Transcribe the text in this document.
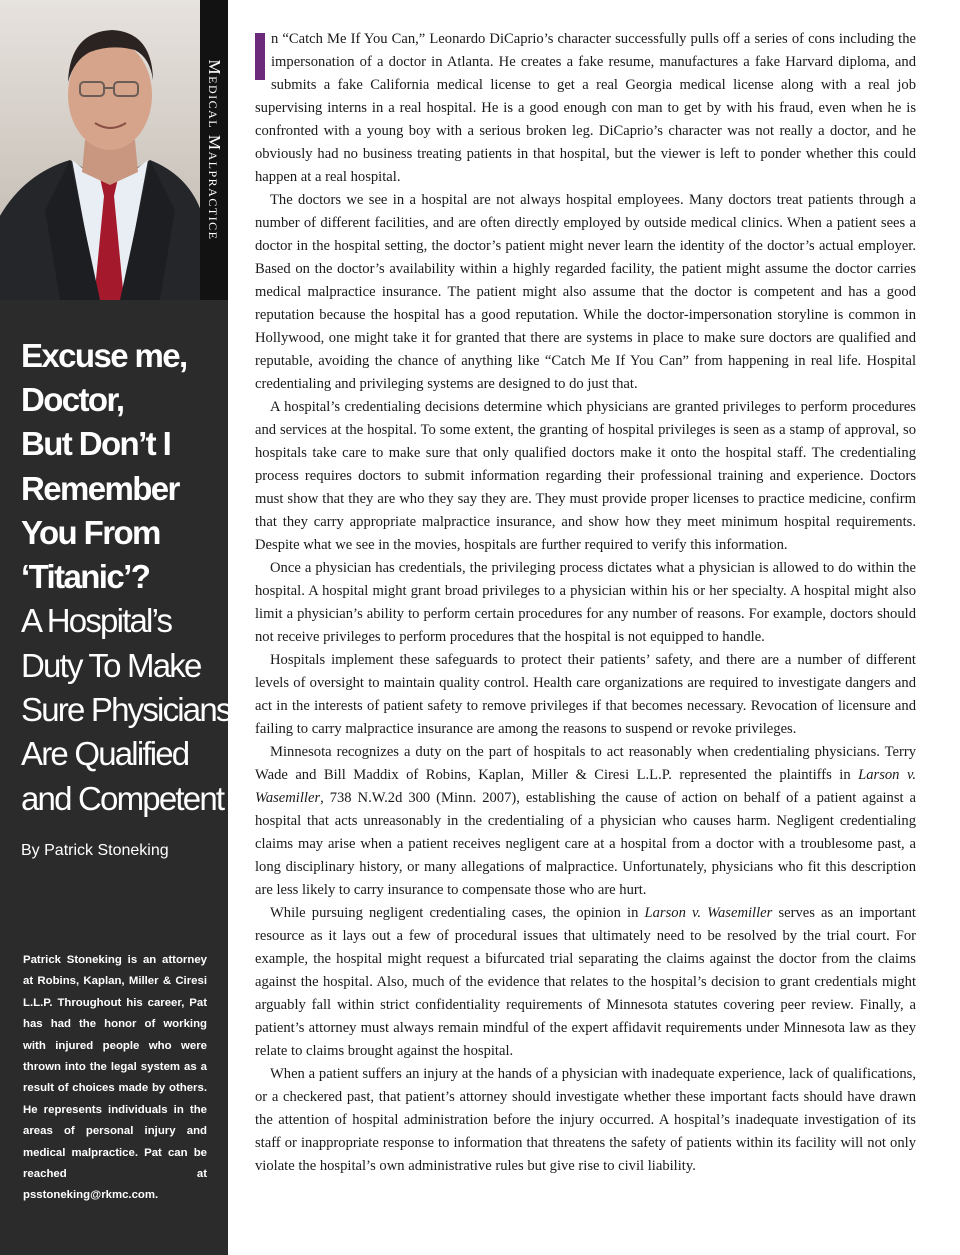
Medical Malpractice
Excuse me,
Doctor,
But Don’t I
Remember
You From
‘Titanic’?
A Hospital’s
Duty To Make
Sure Physicians
Are Qualified
and Competent
By Patrick Stoneking
Patrick Stoneking is an attorney at Robins, Kaplan, Miller & Ciresi L.L.P. Throughout his career, Pat has had the honor of working with injured people who were thrown into the legal system as a result of choices made by others. He represents individuals in the areas of personal injury and medical malpractice. Pat can be reached at psstoneking@rkmc.com.

I	n “Catch Me If You Can,” Leonardo DiCaprio’s character successfully pulls off a series of cons including the impersonation of a doctor in Atlanta. He creates a fake resume, manufactures a fake Harvard diploma, and submits a fake California medical license to get a real Georgia medical license along with a real job supervising interns in a real hospital. He is a good enough con man to get by with his fraud, even when he is confronted with a young boy with a serious broken leg. DiCaprio’s character was not really a doctor, and he obviously had no business treating patients in that hospital, but the viewer is left to ponder whether this could happen at a real hospital.

The doctors we see in a hospital are not always hospital employees. Many doctors treat patients through a number of different facilities, and are often directly employed by outside medical clinics. When a patient sees a doctor in the hospital setting, the doctor’s patient might never learn the identity of the doctor’s actual employer. Based on the doctor’s availability within a highly regarded facility, the patient might assume the doctor carries medical malpractice insurance. The patient might also assume that the doctor is competent and has a good reputation because the hospital has a good reputation. While the doctor-impersonation storyline is common in Hollywood, one might take it for granted that there are systems in place to make sure doctors are qualified and reputable, avoiding the chance of anything like “Catch Me If You Can” from happening in real life. Hospital credentialing and privileging systems are designed to do just that.

A hospital’s credentialing decisions determine which physicians are granted privileges to perform procedures and services at the hospital. To some extent, the granting of hospital privileges is seen as a stamp of approval, so hospitals take care to make sure that only qualified doctors make it onto the hospital staff. The credentialing process requires doctors to submit information regarding their professional training and experience. Doctors must show that they are who they say they are. They must provide proper licenses to practice medicine, confirm that they carry appropriate malpractice insurance, and show how they meet minimum hospital requirements. Despite what we see in the movies, hospitals are further required to verify this information.

Once a physician has credentials, the privileging process dictates what a physician is allowed to do within the hospital. A hospital might grant broad privileges to a physician within his or her specialty. A hospital might also limit a physician’s ability to perform certain procedures for any number of reasons. For example, doctors should not receive privileges to perform procedures that the hospital is not equipped to handle.

Hospitals implement these safeguards to protect their patients’ safety, and there are a number of different levels of oversight to maintain quality control. Health care organizations are required to investigate dangers and act in the interests of patient safety to remove privileges if that becomes necessary. Revocation of licensure and failing to carry malpractice insurance are among the reasons to suspend or revoke privileges.

Minnesota recognizes a duty on the part of hospitals to act reasonably when credentialing physicians. Terry Wade and Bill Maddix of Robins, Kaplan, Miller & Ciresi L.L.P. represented the plaintiffs in Larson v. Wasemiller, 738 N.W.2d 300 (Minn. 2007), establishing the cause of action on behalf of a patient against a hospital that acts unreasonably in the credentialing of a physician who causes harm. Negligent credentialing claims may arise when a patient receives negligent care at a hospital from a doctor with a troublesome past, a long disciplinary history, or many allegations of malpractice. Unfortunately, physicians who fit this description are less likely to carry insurance to compensate those who are hurt.

While pursuing negligent credentialing cases, the opinion in Larson v. Wasemiller serves as an important resource as it lays out a few of procedural issues that ultimately need to be resolved by the trial court. For example, the hospital might request a bifurcated trial separating the claims against the doctor from the claims against the hospital. Also, much of the evidence that relates to the hospital’s decision to grant credentials might arguably fall within strict confidentiality requirements of Minnesota statutes covering peer review. Finally, a patient’s attorney must always remain mindful of the expert affidavit requirements under Minnesota law as they relate to claims brought against the hospital.

When a patient suffers an injury at the hands of a physician with inadequate experience, lack of qualifications, or a checkered past, that patient’s attorney should investigate whether these important facts should have drawn the attention of hospital administration before the injury occurred. A hospital’s inadequate investigation of its staff or inappropriate response to information that threatens the safety of patients within its facility will not only violate the hospital’s own administrative rules but give rise to civil liability.
